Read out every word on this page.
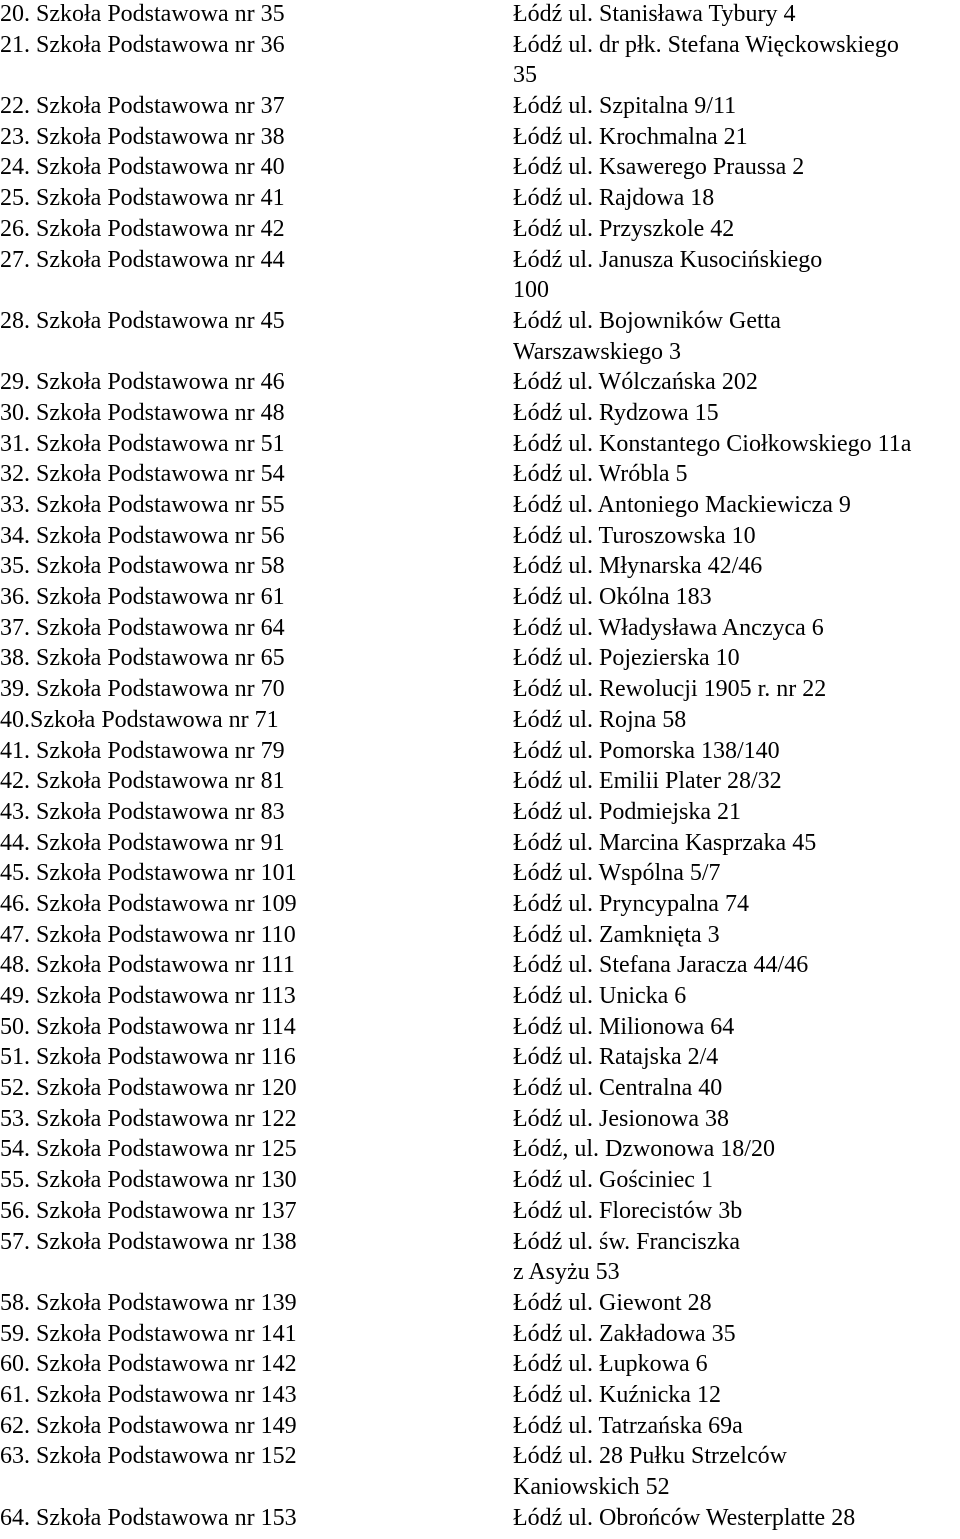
20. Szkoła Podstawowa nr 35	Łódź ul. Stanisława Tybury 4
21. Szkoła Podstawowa nr 36	Łódź ul. dr płk. Stefana Więckowskiego
35
22. Szkoła Podstawowa nr 37	Łódź ul. Szpitalna 9/11
23. Szkoła Podstawowa nr 38	Łódź ul. Krochmalna 21
24. Szkoła Podstawowa nr 40	Łódź ul. Ksawerego Praussa 2
25. Szkoła Podstawowa nr 41	Łódź ul. Rajdowa 18
26. Szkoła Podstawowa nr 42	Łódź ul. Przyszkole 42
27. Szkoła Podstawowa nr 44	Łódź ul. Janusza Kusocińskiego
100
28. Szkoła Podstawowa nr 45	Łódź ul. Bojowników Getta
Warszawskiego 3
29. Szkoła Podstawowa nr 46	Łódź ul. Wólczańska 202
30. Szkoła Podstawowa nr 48	Łódź ul. Rydzowa 15
31. Szkoła Podstawowa nr 51	Łódź ul. Konstantego Ciołkowskiego 11a
32. Szkoła Podstawowa nr 54	Łódź ul. Wróbla 5
33. Szkoła Podstawowa nr 55	Łódź ul. Antoniego Mackiewicza 9
34. Szkoła Podstawowa nr 56	Łódź ul. Turoszowska 10
35. Szkoła Podstawowa nr 58	Łódź ul. Młynarska 42/46
36. Szkoła Podstawowa nr 61	Łódź ul. Okólna 183
37. Szkoła Podstawowa nr 64	Łódź ul. Władysława Anczyca 6
38. Szkoła Podstawowa nr 65	Łódź ul. Pojezierska 10
39. Szkoła Podstawowa nr 70	Łódź ul. Rewolucji 1905 r. nr 22
40.Szkoła Podstawowa nr 71	Łódź ul. Rojna 58
41. Szkoła Podstawowa nr 79	Łódź ul. Pomorska 138/140
42. Szkoła Podstawowa nr 81	Łódź ul. Emilii Plater 28/32
43. Szkoła Podstawowa nr 83	Łódź ul. Podmiejska 21
44. Szkoła Podstawowa nr 91	Łódź ul. Marcina Kasprzaka 45
45. Szkoła Podstawowa nr 101	Łódź ul. Wspólna 5/7
46. Szkoła Podstawowa nr 109	Łódź ul. Pryncypalna 74
47. Szkoła Podstawowa nr 110	Łódź ul. Zamknięta 3
48. Szkoła Podstawowa nr 111	Łódź ul. Stefana Jaracza 44/46
49. Szkoła Podstawowa nr 113	Łódź ul. Unicka 6
50. Szkoła Podstawowa nr 114	Łódź ul. Milionowa 64
51. Szkoła Podstawowa nr 116	Łódź ul. Ratajska 2/4
52. Szkoła Podstawowa nr 120	Łódź ul. Centralna 40
53. Szkoła Podstawowa nr 122	Łódź ul. Jesionowa 38
54. Szkoła Podstawowa nr 125	Łódź, ul. Dzwonowa 18/20
55. Szkoła Podstawowa nr 130	Łódź ul. Gościniec 1
56. Szkoła Podstawowa nr 137	Łódź ul. Florecistów 3b
57. Szkoła Podstawowa nr 138	Łódź ul. św. Franciszka
z Asyżu 53
58. Szkoła Podstawowa nr 139	Łódź ul. Giewont 28
59. Szkoła Podstawowa nr 141	Łódź ul. Zakładowa 35
60. Szkoła Podstawowa nr 142	Łódź ul. Łupkowa 6
61. Szkoła Podstawowa nr 143	Łódź ul. Kuźnicka 12
62. Szkoła Podstawowa nr 149	Łódź ul. Tatrzańska 69a
63. Szkoła Podstawowa nr 152	Łódź ul. 28 Pułku Strzelców
Kaniowskich 52
64. Szkoła Podstawowa nr 153	Łódź ul. Obrońców Westerplatte 28
